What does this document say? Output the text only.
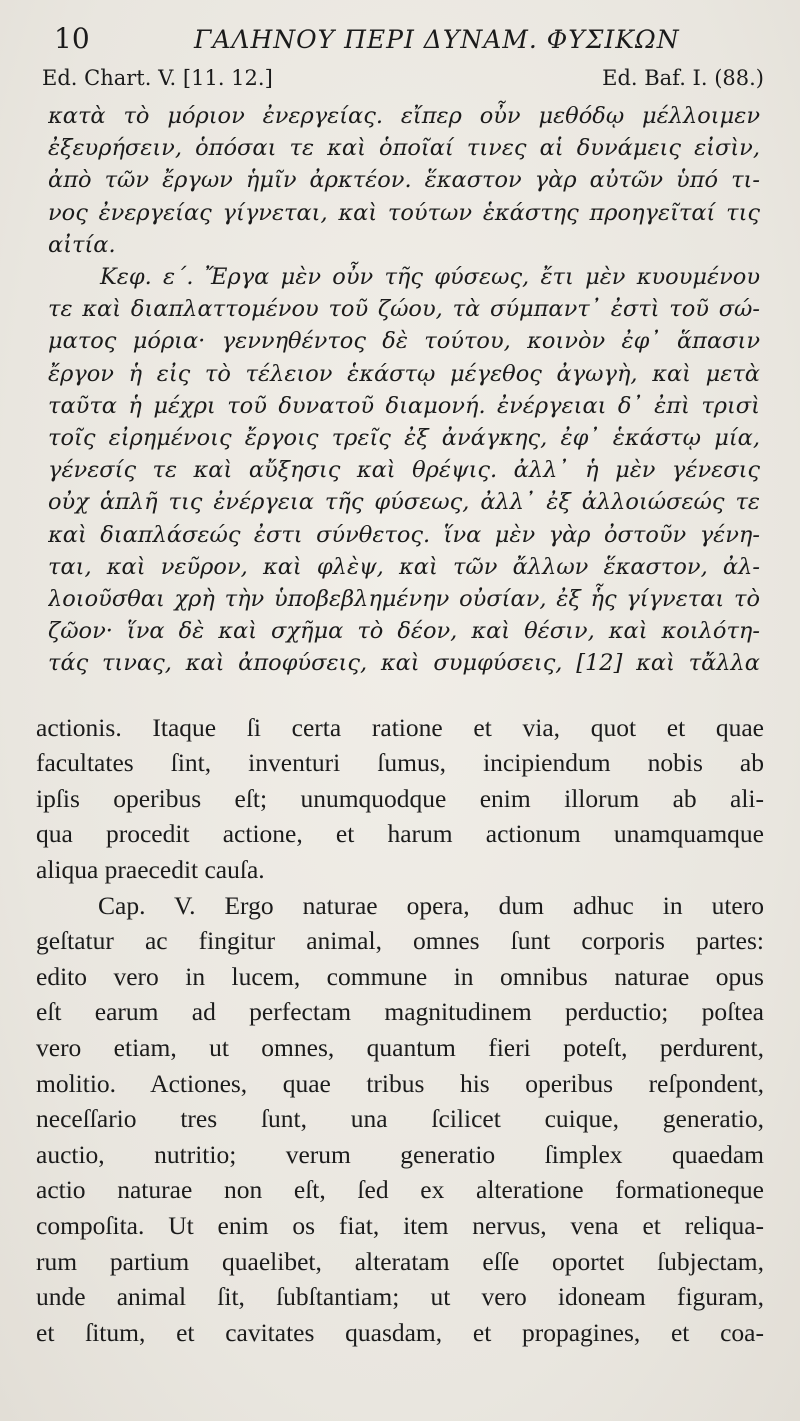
10	ΓΑΛΗΝΟΥ ΠΕΡΙ ΔΥΝΑΜ. ΦΥΣΙΚΩΝ
Ed. Chart. V. [11. 12.]	Ed. Baf. I. (88.)
κατὰ τὸ μόριον ἐνεργείας. εἴπερ οὖν μεθόδῳ μέλλοιμεν
ἐξευρήσειν, ὁπόσαι τε καὶ ὁποῖαί τινες αἱ δυνάμεις εἰσὶν,
ἀπὸ τῶν ἔργων ἡμῖν ἀρκτέον. ἕκαστον γὰρ αὐτῶν ὑπό τι-
νος ἐνεργείας γίγνεται, καὶ τούτων ἑκάστης προηγεῖταί τις
αἰτία.
Κεφ. ε΄. Ἔργα μὲν οὖν τῆς φύσεως, ἔτι μὲν κυουμένου
τε καὶ διαπλαττομένου τοῦ ζώου, τὰ σύμπαντ᾽ ἐστὶ τοῦ σώ-
ματος μόρια· γεννηθέντος δὲ τούτου, κοινὸν ἐφ᾽ ἅπασιν
ἔργον ἡ εἰς τὸ τέλειον ἑκάστῳ μέγεθος ἀγωγὴ, καὶ μετὰ
ταῦτα ἡ μέχρι τοῦ δυνατοῦ διαμονή. ἐνέργειαι δ᾽ ἐπὶ τρισὶ
τοῖς εἰρημένοις ἔργοις τρεῖς ἐξ ἀνάγκης, ἐφ᾽ ἑκάστῳ μία,
γένεσίς τε καὶ αὔξησις καὶ θρέψις. ἀλλ᾽ ἡ μὲν γένεσις
οὐχ ἁπλῆ τις ἐνέργεια τῆς φύσεως, ἀλλ᾽ ἐξ ἀλλοιώσεώς τε
καὶ διαπλάσεώς ἐστι σύνθετος. ἵνα μὲν γὰρ ὀστοῦν γένη-
ται, καὶ νεῦρον, καὶ φλὲψ, καὶ τῶν ἄλλων ἕκαστον, ἀλ-
λοιοῦσθαι χρὴ τὴν ὑποβεβλημένην οὐσίαν, ἐξ ἧς γίγνεται τὸ
ζῶον· ἵνα δὲ καὶ σχῆμα τὸ δέον, καὶ θέσιν, καὶ κοιλότη-
τάς τινας, καὶ ἀποφύσεις, καὶ συμφύσεις, [12] καὶ τἄλλα
actionis. Itaque ſi certa ratione et via, quot et quae
facultates ſint, inventuri ſumus, incipiendum nobis ab
ipſis operibus eſt; unumquodque enim illorum ab ali-
qua procedit actione, et harum actionum unamquamque
aliqua praecedit cauſa.
Cap. V. Ergo naturae opera, dum adhuc in utero
geſtatur ac fingitur animal, omnes ſunt corporis partes:
edito vero in lucem, commune in omnibus naturae opus
eſt earum ad perfectam magnitudinem perductio; poſtea
vero etiam, ut omnes, quantum fieri poteſt, perdurent,
molitio. Actiones, quae tribus his operibus reſpondent,
neceſſario tres ſunt, una ſcilicet cuique, generatio,
auctio, nutritio; verum generatio ſimplex quaedam
actio naturae non eſt, ſed ex alteratione formationeque
compoſita. Ut enim os fiat, item nervus, vena et reliqua-
rum partium quaelibet, alteratam eſſe oportet ſubjectam,
unde animal ſit, ſubſtantiam; ut vero idoneam figuram,
et ſitum, et cavitates quasdam, et propagines, et coa-
